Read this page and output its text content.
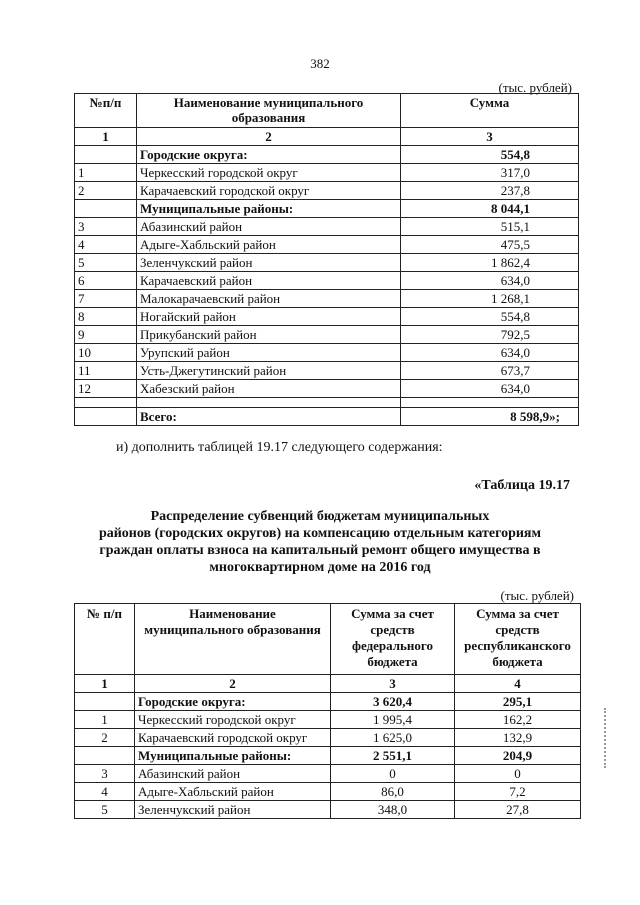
382
(тыс. рублей)
№п/п	Наименование муниципального образования	Сумма
1	2	3
	Городские округа:	554,8
1	Черкесский городской округ	317,0
2	Карачаевский городской округ	237,8
	Муниципальные районы:	8 044,1
3	Абазинский район	515,1
4	Адыге-Хабльский район	475,5
5	Зеленчукский район	1 862,4
6	Карачаевский район	634,0
7	Малокарачаевский район	1 268,1
8	Ногайский район	554,8
9	Прикубанский район	792,5
10	Урупский район	634,0
11	Усть-Джегутинский район	673,7
12	Хабезский район	634,0

	Всего:	8 598,9»;
и) дополнить таблицей 19.17 следующего содержания:
«Таблица 19.17
Распределение субвенций бюджетам муниципальных
районов (городских округов) на компенсацию отдельным категориям
граждан оплаты взноса на капитальный ремонт общего имущества в
многоквартирном доме на 2016 год
(тыс. рублей)
№ п/п	Наименование муниципального образования	Сумма за счет средств федерального бюджета	Сумма за счет средств республиканского бюджета
1	2	3	4
	Городские округа:	3 620,4	295,1
1	Черкесский городской округ	1 995,4	162,2
2	Карачаевский городской округ	1 625,0	132,9
	Муниципальные районы:	2 551,1	204,9
3	Абазинский район	0	0
4	Адыге-Хабльский район	86,0	7,2
5	Зеленчукский район	348,0	27,8
